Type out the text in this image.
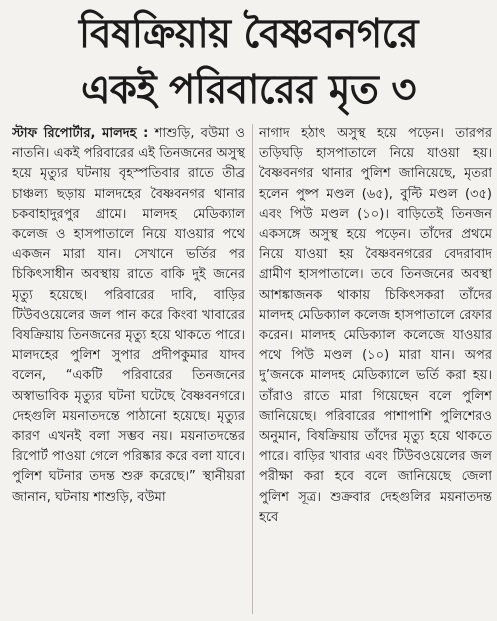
বিষক্রিয়ায় বৈষ্ণবনগরে
একই পরিবারের মৃত ৩

স্টাফ রিপোর্টার, মালদহ : শাশুড়ি, বউমা ও নাতনি। একই পরিবারের এই তিনজনের অসুস্থ হয়ে মৃত্যুর ঘটনায় বৃহস্পতিবার রাতে তীব্র চাঞ্চল্য ছড়ায় মালদহের বৈষ্ণবনগর থানার চকবাহাদুরপুর গ্রামে। মালদহ মেডিক্যাল কলেজ ও হাসপাতালে নিয়ে যাওয়ার পথে একজন মারা যান। সেখানে ভর্তির পর চিকিৎসাধীন অবস্থায় রাতে বাকি দুই জনের মৃত্যু হয়েছে। পরিবারের দাবি, বাড়ির টিউবওয়েলের জল পান করে কিংবা খাবারের বিষক্রিয়ায় তিনজনের মৃত্যু হয়ে থাকতে পারে। মালদহের পুলিশ সুপার প্রদীপকুমার যাদব বলেন, “একটি পরিবারের তিনজনের অস্বাভাবিক মৃত্যুর ঘটনা ঘটেছে বৈষ্ণবনগরে। দেহগুলি ময়নাতদন্তে পাঠানো হয়েছে। মৃত্যুর কারণ এখনই বলা সম্ভব নয়। ময়নাতদন্তের রিপোর্ট পাওয়া গেলে পরিষ্কার করে বলা যাবে। পুলিশ ঘটনার তদন্ত শুরু করেছে।” স্থানীয়রা জানান, ঘটনায় শাশুড়ি, বউমা

নাগাদ হঠাৎ অসুস্থ হয়ে পড়েন। তারপর তড়িঘড়ি হাসপাতালে নিয়ে যাওয়া হয়। বৈষ্ণবনগর থানার পুলিশ জানিয়েছে, মৃতরা হলেন পুষ্প মণ্ডল (৬৫), বুল্টি মণ্ডল (৩৫) এবং পিউ মণ্ডল (১০)। বাড়িতেই তিনজন একসঙ্গে অসুস্থ হয়ে পড়েন। তাঁদের প্রথমে নিয়ে যাওয়া হয় বৈষ্ণবনগরের বেদরাবাদ গ্রামীণ হাসপাতালে। তবে তিনজনের অবস্থা আশঙ্কাজনক থাকায় চিকিৎসকরা তাঁদের মালদহ মেডিক্যাল কলেজ হাসপাতালে রেফার করেন। মালদহ মেডিক্যাল কলেজে যাওয়ার পথে পিউ মণ্ডল (১০) মারা যান। অপর দু’জনকে মালদহ মেডিক্যালে ভর্তি করা হয়। তাঁরাও রাতে মারা গিয়েছেন বলে পুলিশ জানিয়েছে। পরিবারের পাশাপাশি পুলিশেরও অনুমান, বিষক্রিয়ায় তাঁদের মৃত্যু হয়ে থাকতে পারে। বাড়ির খাবার এবং টিউবওয়েলের জল পরীক্ষা করা হবে বলে জানিয়েছে জেলা পুলিশ সূত্র। শুক্রবার দেহগুলির ময়নাতদন্ত হবে
